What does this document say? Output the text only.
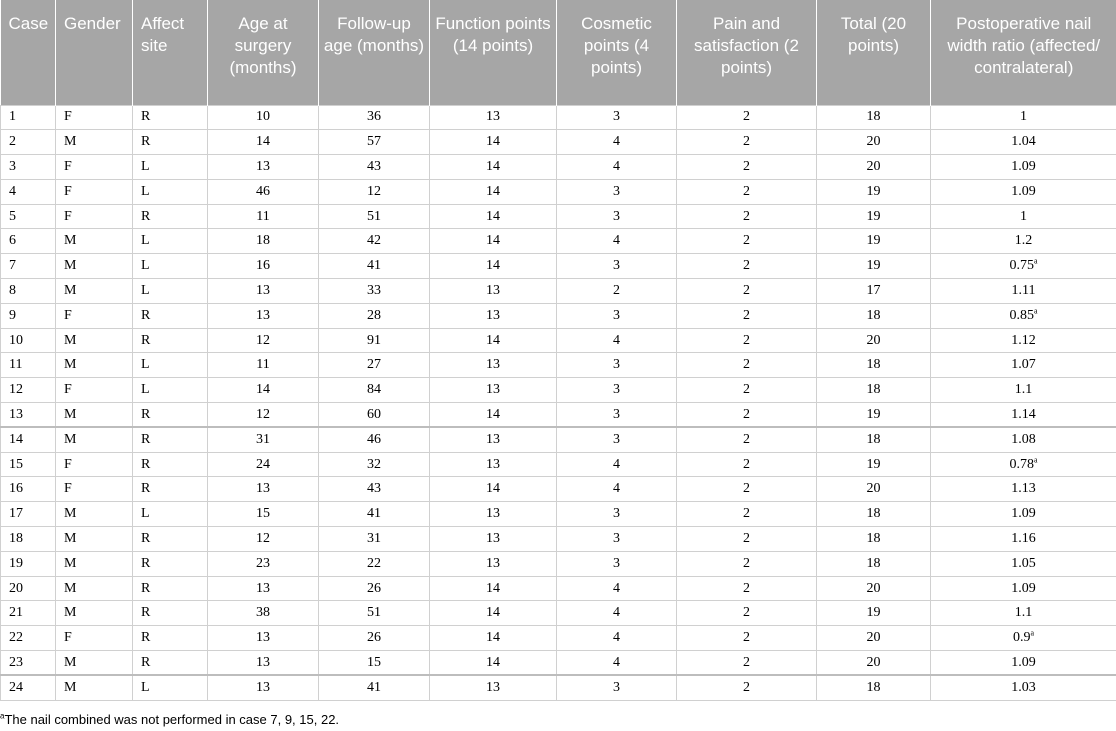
Case	Gender	Affect site	Age at surgery (months)	Follow-up age (months)	Function points (14 points)	Cosmetic points (4 points)	Pain and satisfaction (2 points)	Total (20 points)	Postoperative nail width ratio (affected/ contralateral)
1	F	R	10	36	13	3	2	18	1
2	M	R	14	57	14	4	2	20	1.04
3	F	L	13	43	14	4	2	20	1.09
4	F	L	46	12	14	3	2	19	1.09
5	F	R	11	51	14	3	2	19	1
6	M	L	18	42	14	4	2	19	1.2
7	M	L	16	41	14	3	2	19	0.75$^a$
8	M	L	13	33	13	2	2	17	1.11
9	F	R	13	28	13	3	2	18	0.85$^a$
10	M	R	12	91	14	4	2	20	1.12
11	M	L	11	27	13	3	2	18	1.07
12	F	L	14	84	13	3	2	18	1.1
13	M	R	12	60	14	3	2	19	1.14
14	M	R	31	46	13	3	2	18	1.08
15	F	R	24	32	13	4	2	19	0.78$^a$
16	F	R	13	43	14	4	2	20	1.13
17	M	L	15	41	13	3	2	18	1.09
18	M	R	12	31	13	3	2	18	1.16
19	M	R	23	22	13	3	2	18	1.05
20	M	R	13	26	14	4	2	20	1.09
21	M	R	38	51	14	4	2	19	1.1
22	F	R	13	26	14	4	2	20	0.9$^a$
23	M	R	13	15	14	4	2	20	1.09
24	M	L	13	41	13	3	2	18	1.03
$^a$The nail combined was not performed in case 7, 9, 15, 22.
